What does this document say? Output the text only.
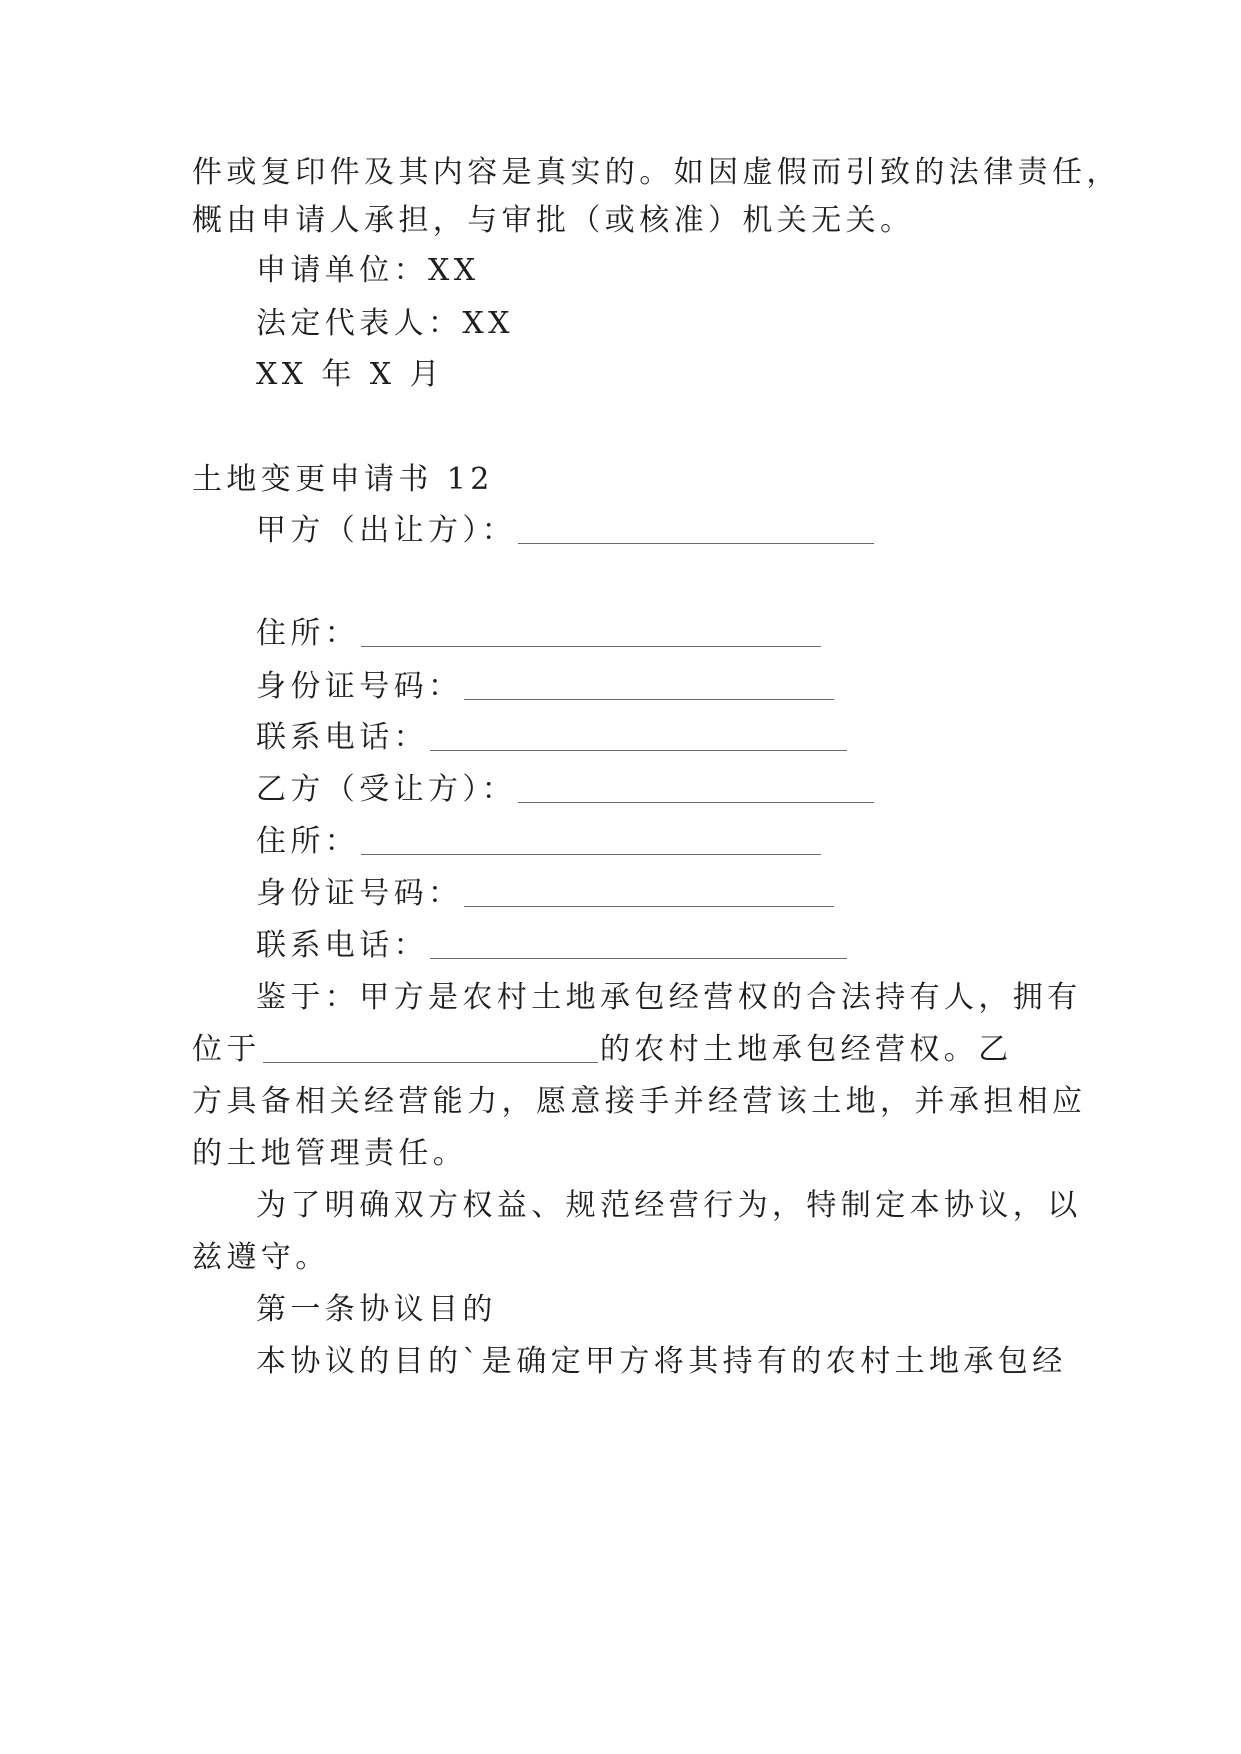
件或复印件及其内容是真实的。如因虚假而引致的法律责任，
概由申请人承担，与审批（或核准）机关无关。
申请单位：XX
法定代表人：XX
XX 年 X 月
土地变更申请书 12
甲方（出让方）：
住所：
身份证号码：
联系电话：
乙方（受让方）：
住所：
身份证号码：
联系电话：
鉴于：甲方是农村土地承包经营权的合法持有人，拥有
位于	的农村土地承包经营权。乙
方具备相关经营能力，愿意接手并经营该土地，并承担相应
的土地管理责任。
为了明确双方权益、规范经营行为，特制定本协议，以
兹遵守。
第一条协议目的
本协议的目的`是确定甲方将其持有的农村土地承包经
